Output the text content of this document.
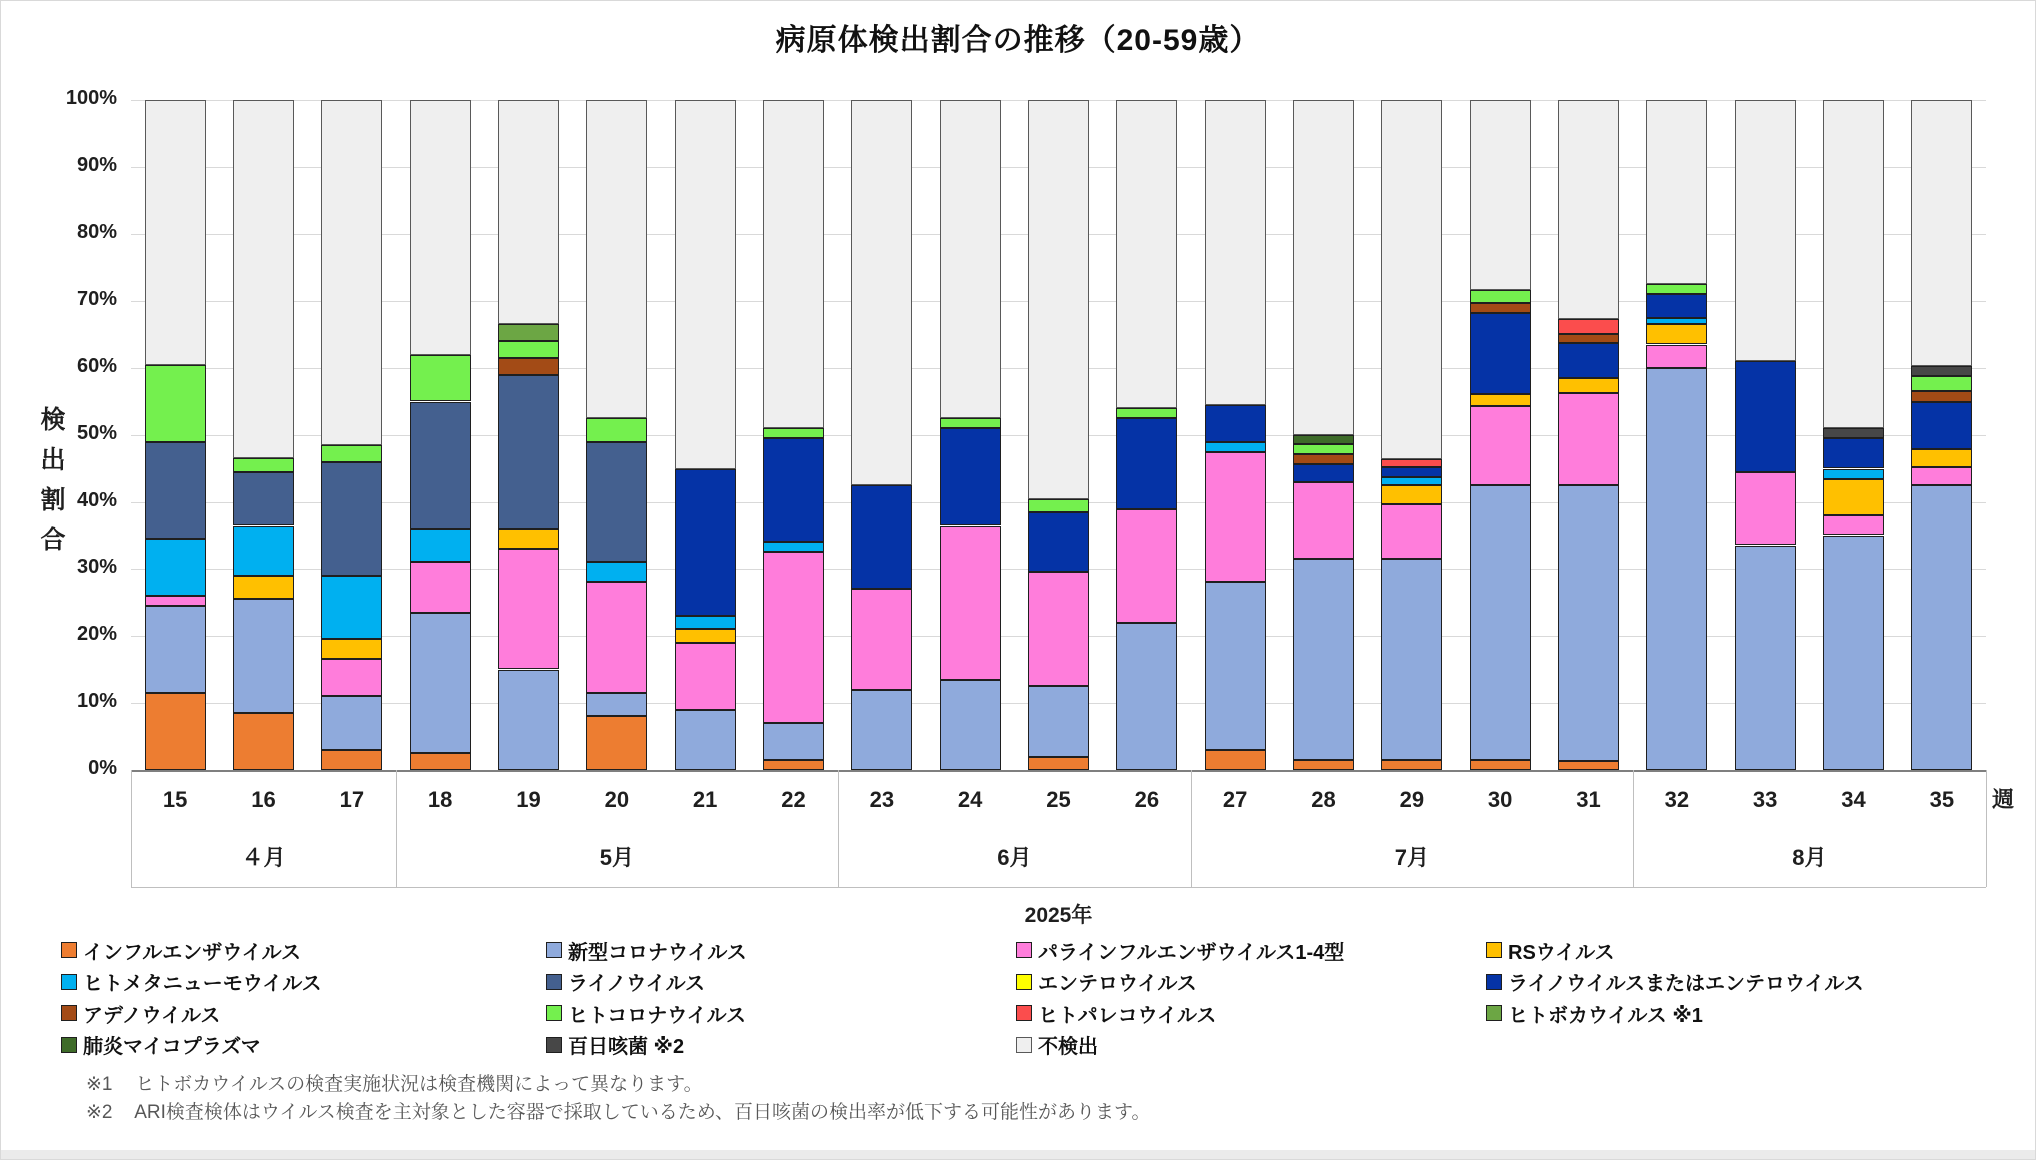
病原体検出割合の推移（20-59歳）
0%
10%
20%
30%
40%
50%
60%
70%
80%
90%
100%
検
出
割
合
15	16	17	18	19	20	21	22	23	24	25	26	27	28	29	30	31	32	33	34	35
４月	5月	6月	7月	8月
2025年
週
インフルエンザウイルス	新型コロナウイルス	パラインフルエンザウイルス1-4型	RSウイルス
ヒトメタニューモウイルス	ライノウイルス	エンテロウイルス	ライノウイルスまたはエンテロウイルス
アデノウイルス	ヒトコロナウイルス	ヒトパレコウイルス	ヒトボカウイルス ※1
肺炎マイコプラズマ	百日咳菌 ※2	不検出
※1 ヒトボカウイルスの検査実施状況は検査機関によって異なります。
※2 ARI検査検体はウイルス検査を主対象とした容器で採取しているため、百日咳菌の検出率が低下する可能性があります。
